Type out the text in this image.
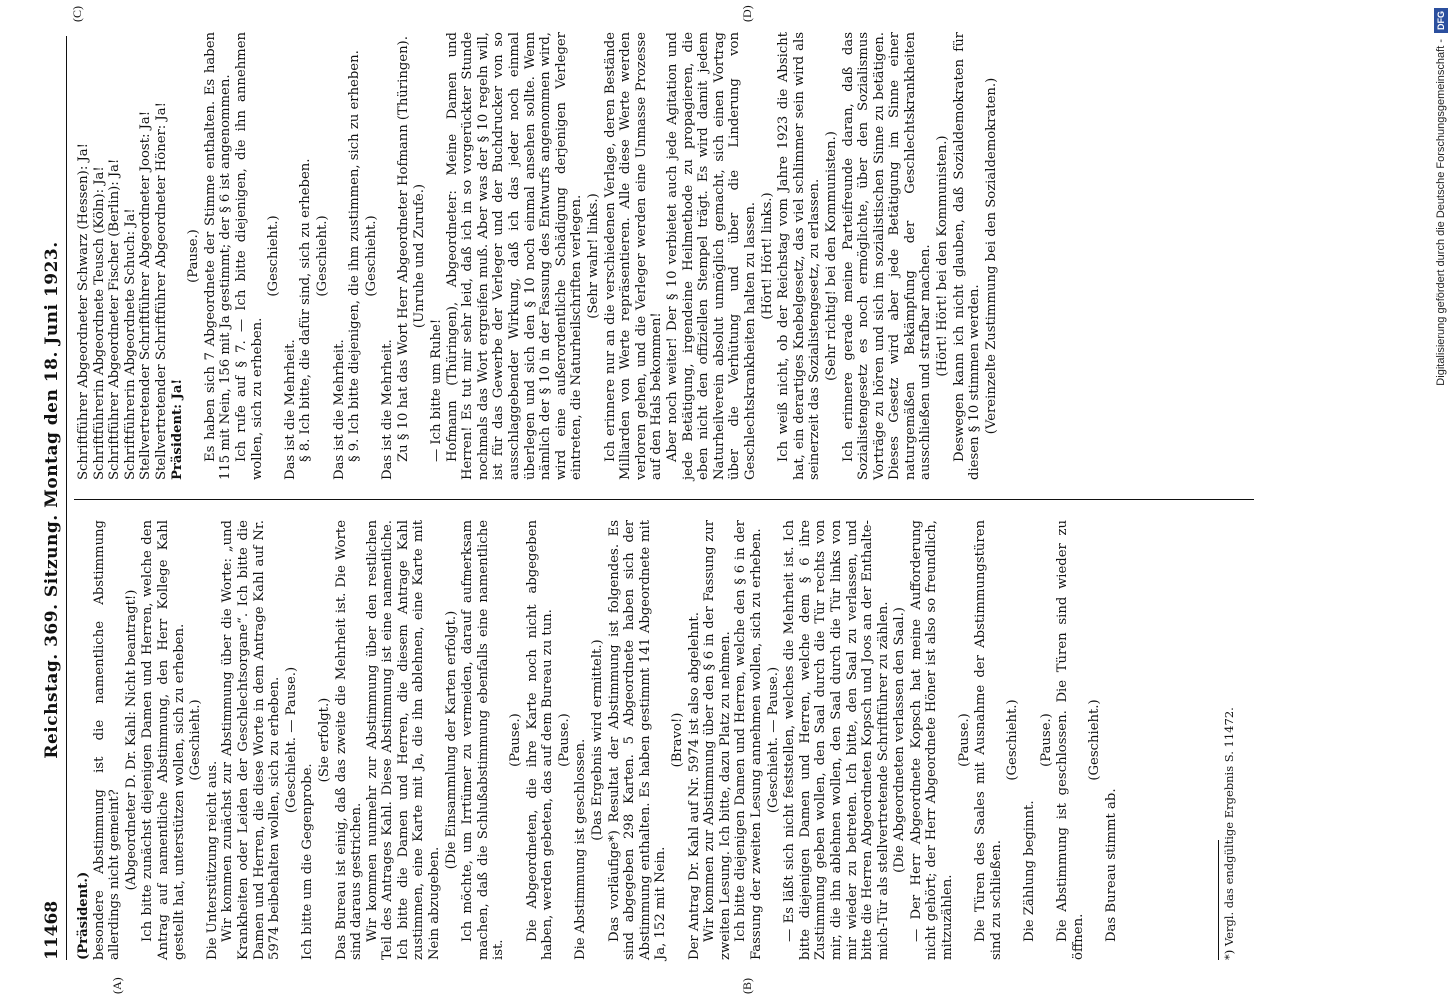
11468
Reichstag. 369. Sitzung. Montag den 18. Juni 1923.

(Präsident.) besondere Abstimmung ist die namentliche Abstimmung allerdings nicht gemeint? (Abgeordneter D. Dr. Kahl: Nicht beantragt!) Ich bitte zunächst diejenigen Damen und Herren, welche den Antrag auf namentliche Abstimmung, den Herr Kollege Kahl gestellt hat, unterstützen wollen, sich zu erheben. (Geschieht.)

Die Unterstützung reicht aus. Wir kommen zunächst zur Abstimmung über die Worte: „und Krankheiten oder Leiden der Geschlechtsorgane“. Ich bitte die Damen und Herren, die diese Worte in dem Antrage Kahl auf Nr. 5974 beibehalten wollen, sich zu erheben. (Geschieht. — Pause.)

Ich bitte um die Gegenprobe.

(Sie erfolgt.) Das Bureau ist einig, daß das zweite die Mehrheit ist. Die Worte sind daraus gestrichen. Wir kommen nunmehr zur Abstimmung über den restlichen Teil des Antrages Kahl. Diese Abstimmung ist eine namentliche. Ich bitte die Damen und Herren, die diesem Antrage Kahl zustimmen, eine Karte mit Ja, die ihn ablehnen, eine Karte mit Nein abzugeben.

(Die Einsammlung der Karten erfolgt.) Ich möchte, um Irrtümer zu vermeiden, darauf aufmerksam machen, daß die Schlußabstimmung ebenfalls eine namentliche ist.

(Pause.) Die Abgeordneten, die ihre Karte noch nicht abgegeben haben, werden gebeten, das auf dem Bureau zu tun. (Pause.) Die Abstimmung ist geschlossen. (Das Ergebnis wird ermittelt.) Das vorläufige*) Resultat der Abstimmung ist folgendes. Es sind abgegeben 298 Karten. 5 Abgeordnete haben sich der Abstimmung enthalten. Es haben gestimmt 141 Abgeordnete mit Ja, 152 mit Nein.

(Bravo!) Der Antrag Dr. Kahl auf Nr. 5974 ist also abgelehnt. Wir kommen zur Abstimmung über den § 6 in der Fassung zur zweiten Lesung. Ich bitte, dazu Platz zu nehmen. Ich bitte diejenigen Damen und Herren, welche den § 6 in der Fassung der zweiten Lesung annehmen wollen, sich zu erheben. (Geschieht. — Pause.) — Es läßt sich nicht feststellen, welches die Mehrheit ist. Ich bitte diejenigen Damen und Herren, welche dem § 6 ihre Zustimmung geben wollen, den Saal durch die Tür rechts von mir, die ihn ablehnen wollen, den Saal durch die Tür links von mir wieder zu betreten. Ich bitte, den Saal zu verlassen, und bitte die Herren Abgeordneten Kopsch und Joos an der Enthalte-mich-Tür als stellvertretende Schriftführer zu zählen. (Die Abgeordneten verlassen den Saal.) — Der Herr Abgeordnete Kopsch hat meine Aufforderung nicht gehört; der Herr Abgeordnete Höner ist also so freundlich, mitzuzählen.

(Pause.) Die Türen des Saales mit Ausnahme der Abstimmungstüren sind zu schließen.

(Geschieht.)

Die Zählung beginnt.

(Pause.) Die Abstimmung ist geschlossen. Die Türen sind wieder zu öffnen.

(Geschieht.)

Das Bureau stimmt ab.

Schriftführer Abgeordneter Schwarz (Hessen): Ja! Schriftführerin Abgeordnete Teusch (Köln): Ja! Schriftführer Abgeordneter Fischer (Berlin): Ja! Schriftführerin Abgeordnete Schuch: Ja! Stellvertretender Schriftführer Abgeordneter Joost: Ja! Stellvertretender Schriftführer Abgeordneter Höner: Ja! Präsident: Ja!

(Pause.) Es haben sich 7 Abgeordnete der Stimme enthalten. Es haben 115 mit Nein, 156 mit Ja gestimmt; der § 6 ist angenommen. Ich rufe auf § 7. — Ich bitte diejenigen, die ihn annehmen wollen, sich zu erheben.

(Geschieht.)

Das ist die Mehrheit. § 8. Ich bitte, die dafür sind, sich zu erheben. (Geschieht.)

Das ist die Mehrheit. § 9. Ich bitte diejenigen, die ihm zustimmen, sich zu erheben. (Geschieht.)

Das ist die Mehrheit. Zu § 10 hat das Wort Herr Abgeordneter Hofmann (Thüringen). (Unruhe und Zurufe.)

— Ich bitte um Ruhe! Hofmann (Thüringen), Abgeordneter: Meine Damen und Herren! Es tut mir sehr leid, daß ich in so vorgerückter Stunde nochmals das Wort ergreifen muß. Aber was der § 10 regeln will, ist für das Gewerbe der Verleger und der Buchdrucker von so ausschlaggebender Wirkung, daß ich das jeder noch einmal überlegen und sich den § 10 noch einmal ansehen sollte. Wenn nämlich der § 10 in der Fassung des Entwurfs angenommen wird, wird eine außerordentliche Schädigung derjenigen Verleger eintreten, die Naturheilschriften verlegen. (Sehr wahr! links.) Ich erinnere nur an die verschiedenen Verlage, deren Bestände Milliarden von Werte repräsentieren. Alle diese Werte werden verloren gehen, und die Verleger werden eine Unmasse Prozesse auf den Hals bekommen! Aber noch weiter! Der § 10 verbietet auch jede Agitation und jede Betätigung, irgendeine Heilmethode zu propagieren, die eben nicht den offiziellen Stempel trägt. Es wird damit jedem Naturheilverein absolut unmöglich gemacht, sich einen Vortrag über die Verhütung und über die Linderung von Geschlechtskrankheiten halten zu lassen. (Hört! Hört! links.) Ich weiß nicht, ob der Reichstag vom Jahre 1923 die Absicht hat, ein derartiges Knebelgesetz, das viel schlimmer sein wird als seinerzeit das Sozialistengesetz, zu erlassen. (Sehr richtig! bei den Kommunisten.) Ich erinnere gerade meine Parteifreunde daran, daß das Sozialistengesetz es noch ermöglichte, über den Sozialismus Vorträge zu hören und sich im sozialistischen Sinne zu betätigen. Dieses Gesetz wird aber jede Betätigung im Sinne einer naturgemäßen Bekämpfung der Geschlechtskrankheiten ausschließen und strafbar machen. (Hört! Hört! bei den Kommunisten.) Deswegen kann ich nicht glauben, daß Sozialdemokraten für diesen § 10 stimmen werden. (Vereinzelte Zustimmung bei den Sozialdemokraten.)

(A)	(B)
(C)	(D)
*) Vergl. das endgültige Ergebnis S. 11472.
Digitalisierung gefördert durch die Deutsche Forschungsgemeinschaft -
DFG
